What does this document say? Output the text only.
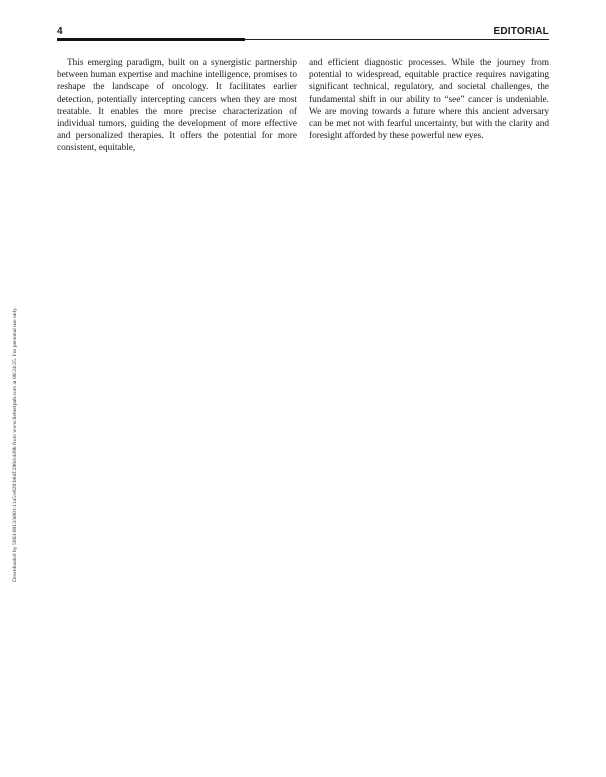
4	EDITORIAL

This emerging paradigm, built on a synergistic partnership between human expertise and machine intelligence, promises to reshape the landscape of oncology. It facilitates earlier detection, potentially intercepting cancers when they are most treatable. It enables the more precise characterization of individual tumors, guiding the development of more effective and personalized therapies. It offers the potential for more consistent, equitable,

and efficient diagnostic processes. While the journey from potential to widespread, equitable practice requires navigating significant technical, regulatory, and societal challenges, the fundamental shift in our ability to “see” cancer is undeniable. We are moving towards a future where this ancient adversary can be met not with fearful uncertainty, but with the clarity and foresight afforded by these powerful new eyes.

Downloaded by 5603:6013:b801:11a5:e020:b6df:286d:dd9b from www.liebertpub.com at 08/24/25. For personal use only.
